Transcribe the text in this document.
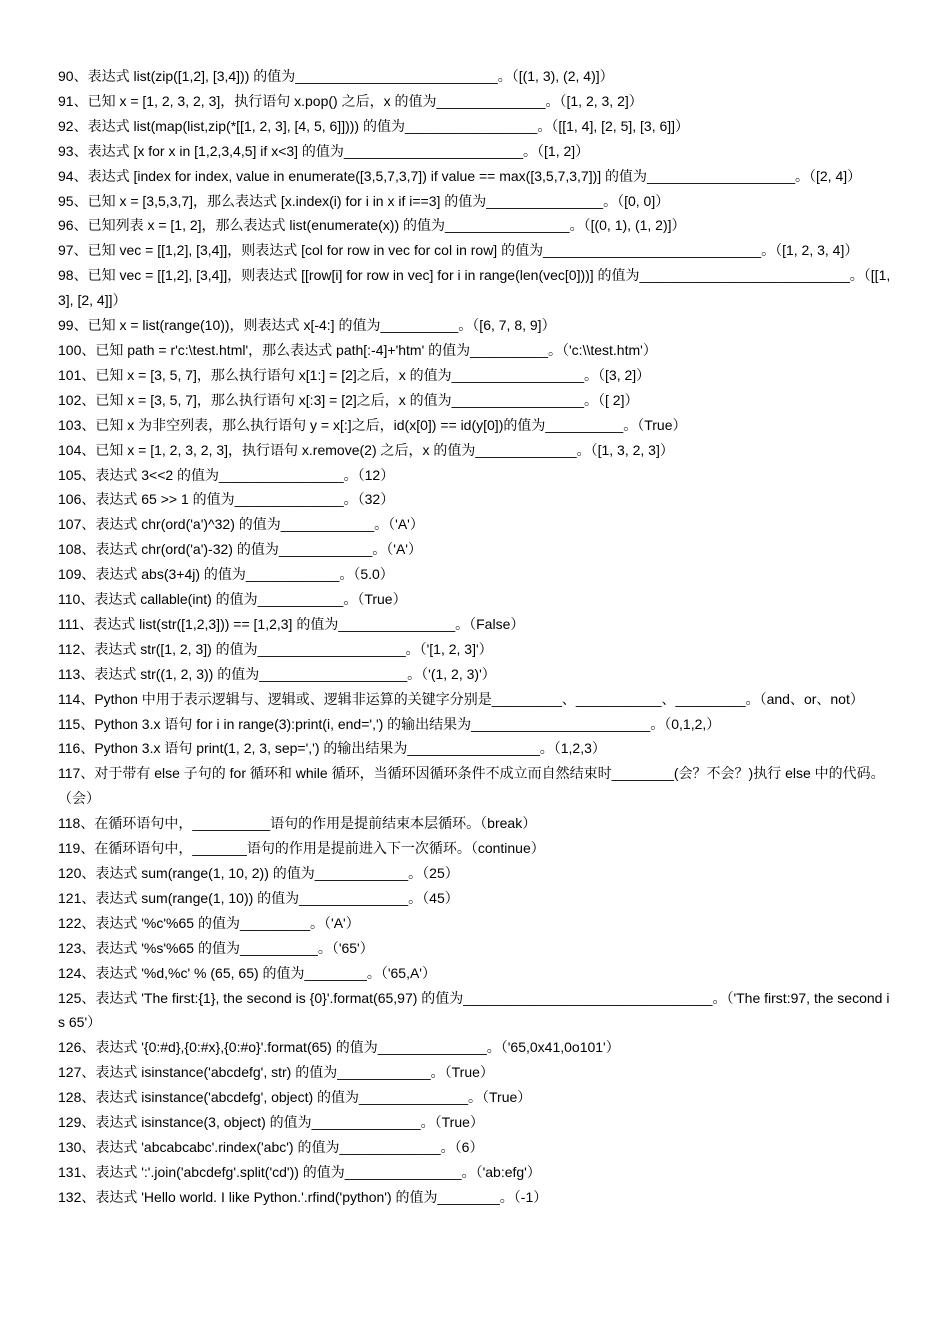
90、表达式 list(zip([1,2], [3,4])) 的值为__________________________。（[(1, 3), (2, 4)]）

91、已知 x = [1, 2, 3, 2, 3]，执行语句 x.pop() 之后，x 的值为______________。（[1, 2, 3, 2]）

92、表达式 list(map(list,zip(*[[1, 2, 3], [4, 5, 6]]))) 的值为_________________。（[[1, 4], [2, 5], [3, 6]]）

93、表达式 [x for x in [1,2,3,4,5] if x<3] 的值为_______________________。（[1, 2]）

94、表达式 [index for index, value in enumerate([3,5,7,3,7]) if value == max([3,5,7,3,7])] 的值为___________________。（[2, 4]）

95、已知 x = [3,5,3,7]，那么表达式 [x.index(i) for i in x if i==3] 的值为_______________。（[0, 0]）

96、已知列表 x = [1, 2]，那么表达式 list(enumerate(x)) 的值为________________。（[(0, 1), (1, 2)]）

97、已知 vec = [[1,2], [3,4]]，则表达式 [col for row in vec for col in row] 的值为____________________________。（[1, 2, 3, 4]）

98、已知 vec = [[1,2], [3,4]]，则表达式 [[row[i] for row in vec] for i in range(len(vec[0]))] 的值为___________________________。（[[1, 3], [2, 4]]）

99、已知 x = list(range(10))，则表达式 x[-4:] 的值为__________。（[6, 7, 8, 9]）

100、已知 path = r'c:\test.html'，那么表达式 path[:-4]+'htm' 的值为__________。（'c:\\test.htm'）

101、已知 x = [3, 5, 7]，那么执行语句 x[1:] = [2]之后，x 的值为_________________。（[3, 2]）

102、已知 x = [3, 5, 7]，那么执行语句 x[:3] = [2]之后，x 的值为_________________。（[ 2]）

103、已知 x 为非空列表，那么执行语句 y = x[:]之后，id(x[0]) == id(y[0])的值为__________。（True）

104、已知 x = [1, 2, 3, 2, 3]，执行语句 x.remove(2) 之后，x 的值为_____________。（[1, 3, 2, 3]）

105、表达式 3<<2 的值为________________。（12）

106、表达式 65 >> 1 的值为______________。（32）

107、表达式 chr(ord('a')^32) 的值为____________。（'A'）

108、表达式 chr(ord('a')-32) 的值为____________。（'A'）

109、表达式 abs(3+4j) 的值为____________。（5.0）

110、表达式 callable(int) 的值为___________。（True）

111、表达式 list(str([1,2,3])) == [1,2,3] 的值为_______________。（False）

112、表达式 str([1, 2, 3]) 的值为___________________。（'[1, 2, 3]'）

113、表达式 str((1, 2, 3)) 的值为___________________。（'(1, 2, 3)'）

114、Python 中用于表示逻辑与、逻辑或、逻辑非运算的关键字分别是_________、___________、_________。（and、or、not）

115、Python 3.x 语句 for i in range(3):print(i, end=',') 的输出结果为_______________________。（0,1,2,）

116、Python 3.x 语句 print(1, 2, 3, sep=',') 的输出结果为_________________。（1,2,3）

117、对于带有 else 子句的 for 循环和 while 循环，当循环因循环条件不成立而自然结束时________(会？不会？)执行 else 中的代码。（会）

118、在循环语句中，__________语句的作用是提前结束本层循环。（break）

119、在循环语句中，_______语句的作用是提前进入下一次循环。（continue）

120、表达式 sum(range(1, 10, 2)) 的值为____________。（25）

121、表达式 sum(range(1, 10)) 的值为______________。（45）

122、表达式 '%c'%65 的值为_________。（'A'）

123、表达式 '%s'%65 的值为__________。（'65'）

124、表达式 '%d,%c' % (65, 65) 的值为________。（'65,A'）

125、表达式 'The first:{1}, the second is {0}'.format(65,97) 的值为________________________________。（'The first:97, the second is 65'）

126、表达式 '{0:#d},{0:#x},{0:#o}'.format(65) 的值为______________。（'65,0x41,0o101'）

127、表达式 isinstance('abcdefg', str) 的值为____________。（True）

128、表达式 isinstance('abcdefg', object) 的值为______________。（True）

129、表达式 isinstance(3, object) 的值为______________。（True）

130、表达式 'abcabcabc'.rindex('abc') 的值为_____________。（6）

131、表达式 ':'.join('abcdefg'.split('cd')) 的值为_______________。（'ab:efg'）

132、表达式 'Hello world. I like Python.'.rfind('python') 的值为________。（-1）
